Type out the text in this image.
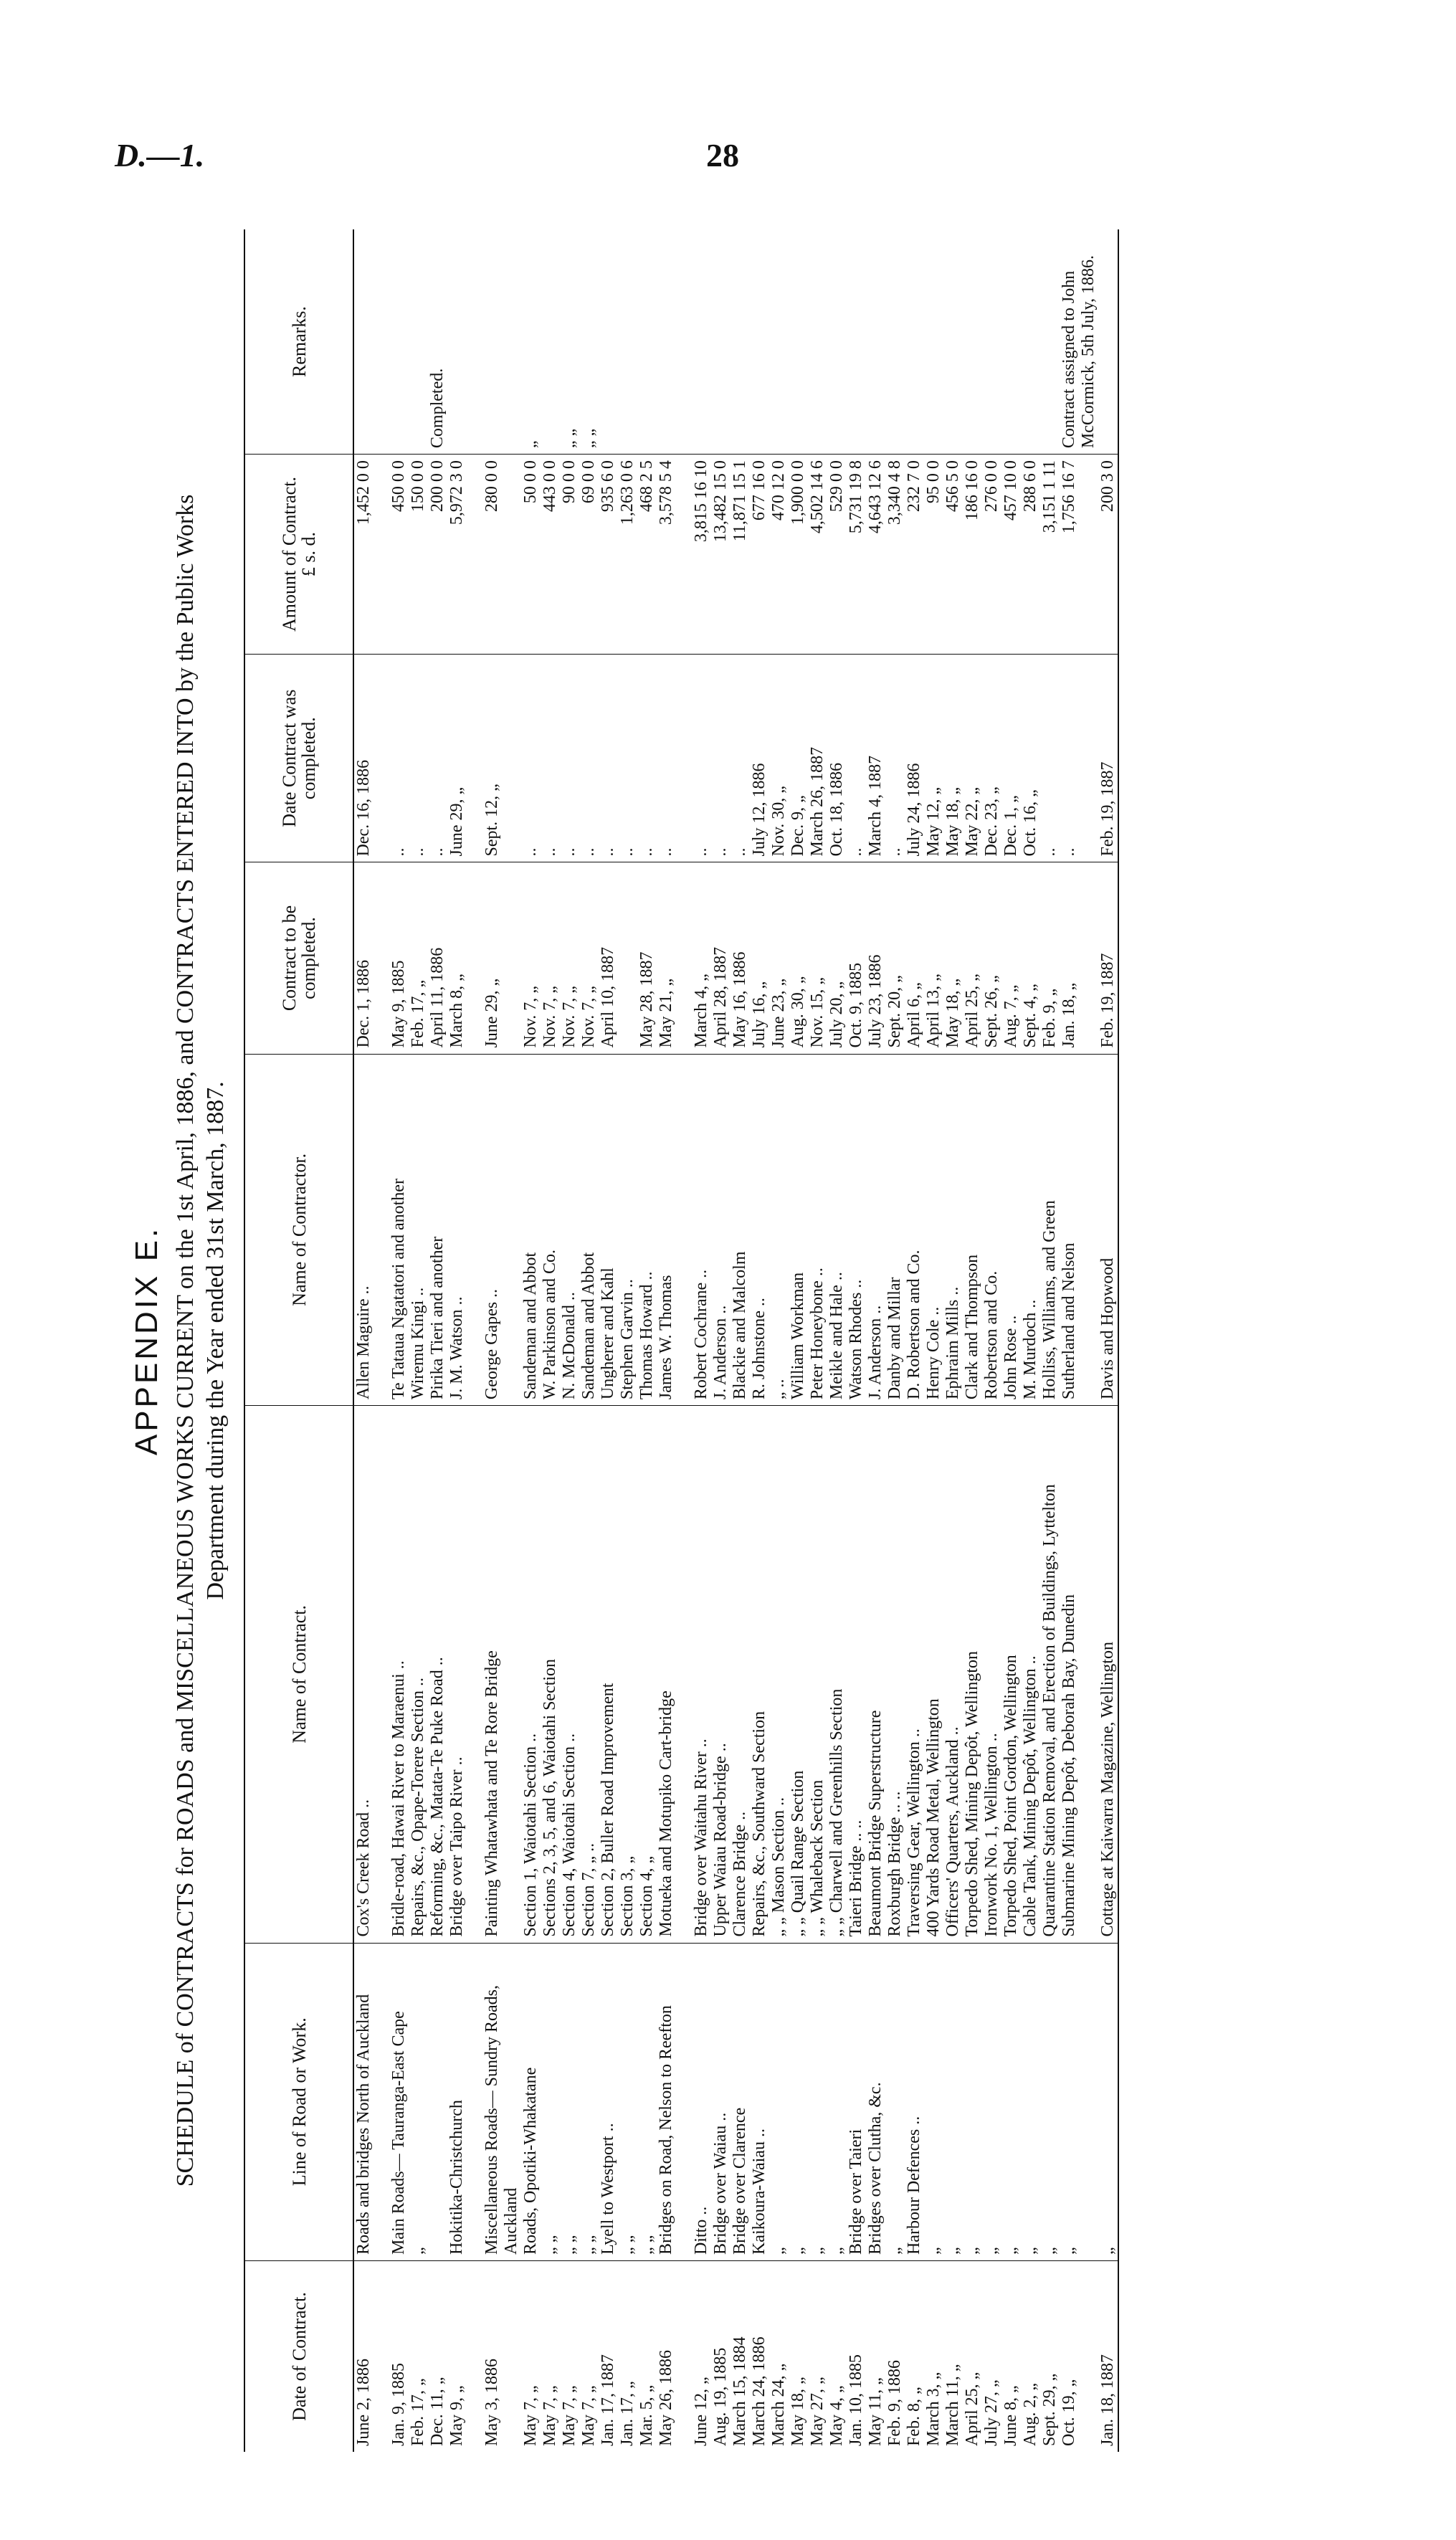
D.—1.	28
APPENDIX E. SCHEDULE of CONTRACTS for ROADS and MISCELLANEOUS WORKS CURRENT on the 1st April, 1886, and CONTRACTS ENTERED INTO by the Public Works Department during the Year ended 31st March, 1887.
Date of Contract.	Line of Road or Work.	Name of Contract.	Name of Contractor.	Contract to be completed.	Date Contract was completed.	Amount of Contract.
£ s. d.	Remarks.
June 2, 1886	Roads and bridges North of Auckland	Cox's Creek Road ..	Allen Maguire ..	Dec. 1, 1886	Dec. 16, 1886	1,452 0 0	

Jan. 9, 1885	Main Roads— Tauranga-East Cape	Bridle-road, Hawai River to Maraenui ..	Te Tataua Ngatatori and another	May 9, 1885	..	450 0 0	
Feb. 17, „	„	Repairs, &c., Opape-Torere Section ..	Wiremu Kingi ..	Feb. 17, „	..	150 0 0	
Dec. 11, „		Reforming, &c., Matata-Te Puke Road ..	Pirika Tieri and another	April 11, 1886	..	200 0 0	Completed.
May 9, „	Hokitika-Christchurch	Bridge over Taipo River ..	J. M. Watson ..	March 8, „	June 29, „	5,972 3 0	

May 3, 1886	Miscellaneous Roads— Sundry Roads, Auckland	Painting Whatawhata and Te Rore Bridge	George Gapes ..	June 29, „	Sept. 12, „	280 0 0	
May 7, „	Roads, Opotiki-Whakatane	Section 1, Waiotahi Section ..	Sandeman and Abbot	Nov. 7, „	..	50 0 0	„
May 7, „	„ „	Sections 2, 3, 5, and 6, Waiotahi Section	W. Parkinson and Co.	Nov. 7, „	..	443 0 0	
May 7, „	„ „	Section 4, Waiotahi Section ..	N. McDonald ..	Nov. 7, „	..	90 0 0	„ „
May 7, „	„ „	Section 7, „ ..	Sandeman and Abbot	Nov. 7, „	..	69 0 0	„ „
Jan. 17, 1887	Lyell to Westport ..	Section 2, Buller Road Improvement	Ungherer and Kahl	April 10, 1887	..	935 6 0	
Jan. 17, „	„ „	Section 3, „	Stephen Garvin ..		..	1,263 0 6	
Mar. 5, „	„ „	Section 4, „	Thomas Howard ..	May 28, 1887	..	468 2 5	
May 26, 1886	Bridges on Road, Nelson to Reefton	Motueka and Motupiko Cart-bridge	James W. Thomas	May 21, „	..	3,578 5 4	

June 12, „	Ditto ..	Bridge over Waitahu River ..	Robert Cochrane ..	March 4, „	..	3,815 16 10	
Aug. 19, 1885	Bridge over Waiau ..	Upper Waiau Road-bridge ..	J. Anderson ..	April 28, 1887	..	13,482 15 0	
March 15, 1884	Bridge over Clarence	Clarence Bridge ..	Blackie and Malcolm	May 16, 1886	..	11,871 15 1	
March 24, 1886	Kaikoura-Waiau ..	Repairs, &c., Southward Section	R. Johnstone ..	July 16, „	July 12, 1886	677 16 0	
March 24, „	„	„ „ Mason Section ..	„ ..	June 23, „	Nov. 30, „	470 12 0	
May 18, „	„	„ „ Quail Range Section	William Workman	Aug. 30, „	Dec. 9, „	1,900 0 0	
May 27, „	„	„ „ Whaleback Section	Peter Honeybone ..	Nov. 15, „	March 26, 1887	4,502 14 6	
May 4, „	„	„ „ Charwell and Greenhills Section	Meikle and Hale ..	July 20, „	Oct. 18, 1886	529 0 0	
Jan. 10, 1885	Bridge over Taieri	Taieri Bridge .. ..	Watson Rhodes ..	Oct. 9, 1885	..	5,731 19 8	
May 11, „	Bridges over Clutha, &c.	Beaumont Bridge Superstructure	J. Anderson ..	July 23, 1886	March 4, 1887	4,643 12 6	
Feb. 9, 1886	„	Roxburgh Bridge .. ..	Danby and Millar	Sept. 20, „	..	3,340 4 8	
Feb. 8, „	Harbour Defences ..	Traversing Gear, Wellington ..	D. Robertson and Co.	April 6, „	July 24, 1886	232 7 0	
March 3, „	„	400 Yards Road Metal, Wellington	Henry Cole ..	April 13, „	May 12, „	95 0 0	
March 11, „	„	Officers' Quarters, Auckland ..	Ephraim Mills ..	May 18, „	May 18, „	456 5 0	
April 25, „	„	Torpedo Shed, Mining Depôt, Wellington	Clark and Thompson	April 25, „	May 22, „	186 16 0	
July 27, „	„	Ironwork No. 1, Wellington ..	Robertson and Co.	Sept. 26, „	Dec. 23, „	276 0 0	
June 8, „	„	Torpedo Shed, Point Gordon, Wellington	John Rose ..	Aug. 7, „	Dec. 1, „	457 10 0	
Aug. 2, „	„	Cable Tank, Mining Depôt, Wellington ..	M. Murdoch ..	Sept. 4, „	Oct. 16, „	288 6 0	
Sept. 29, „	„	Quarantine Station Removal, and Erection of Buildings, Lyttelton	Holliss, Williams, and Green	Feb. 9, „	..	3,151 1 11	
Oct. 19, „	„	Submarine Mining Depôt, Deborah Bay, Dunedin	Sutherland and Nelson	Jan. 18, „	..	1,756 16 7	Contract assigned to John McCormick, 5th July, 1886.
Jan. 18, 1887	„	Cottage at Kaiwarra Magazine, Wellington	Davis and Hopwood	Feb. 19, 1887	Feb. 19, 1887	200 3 0	
